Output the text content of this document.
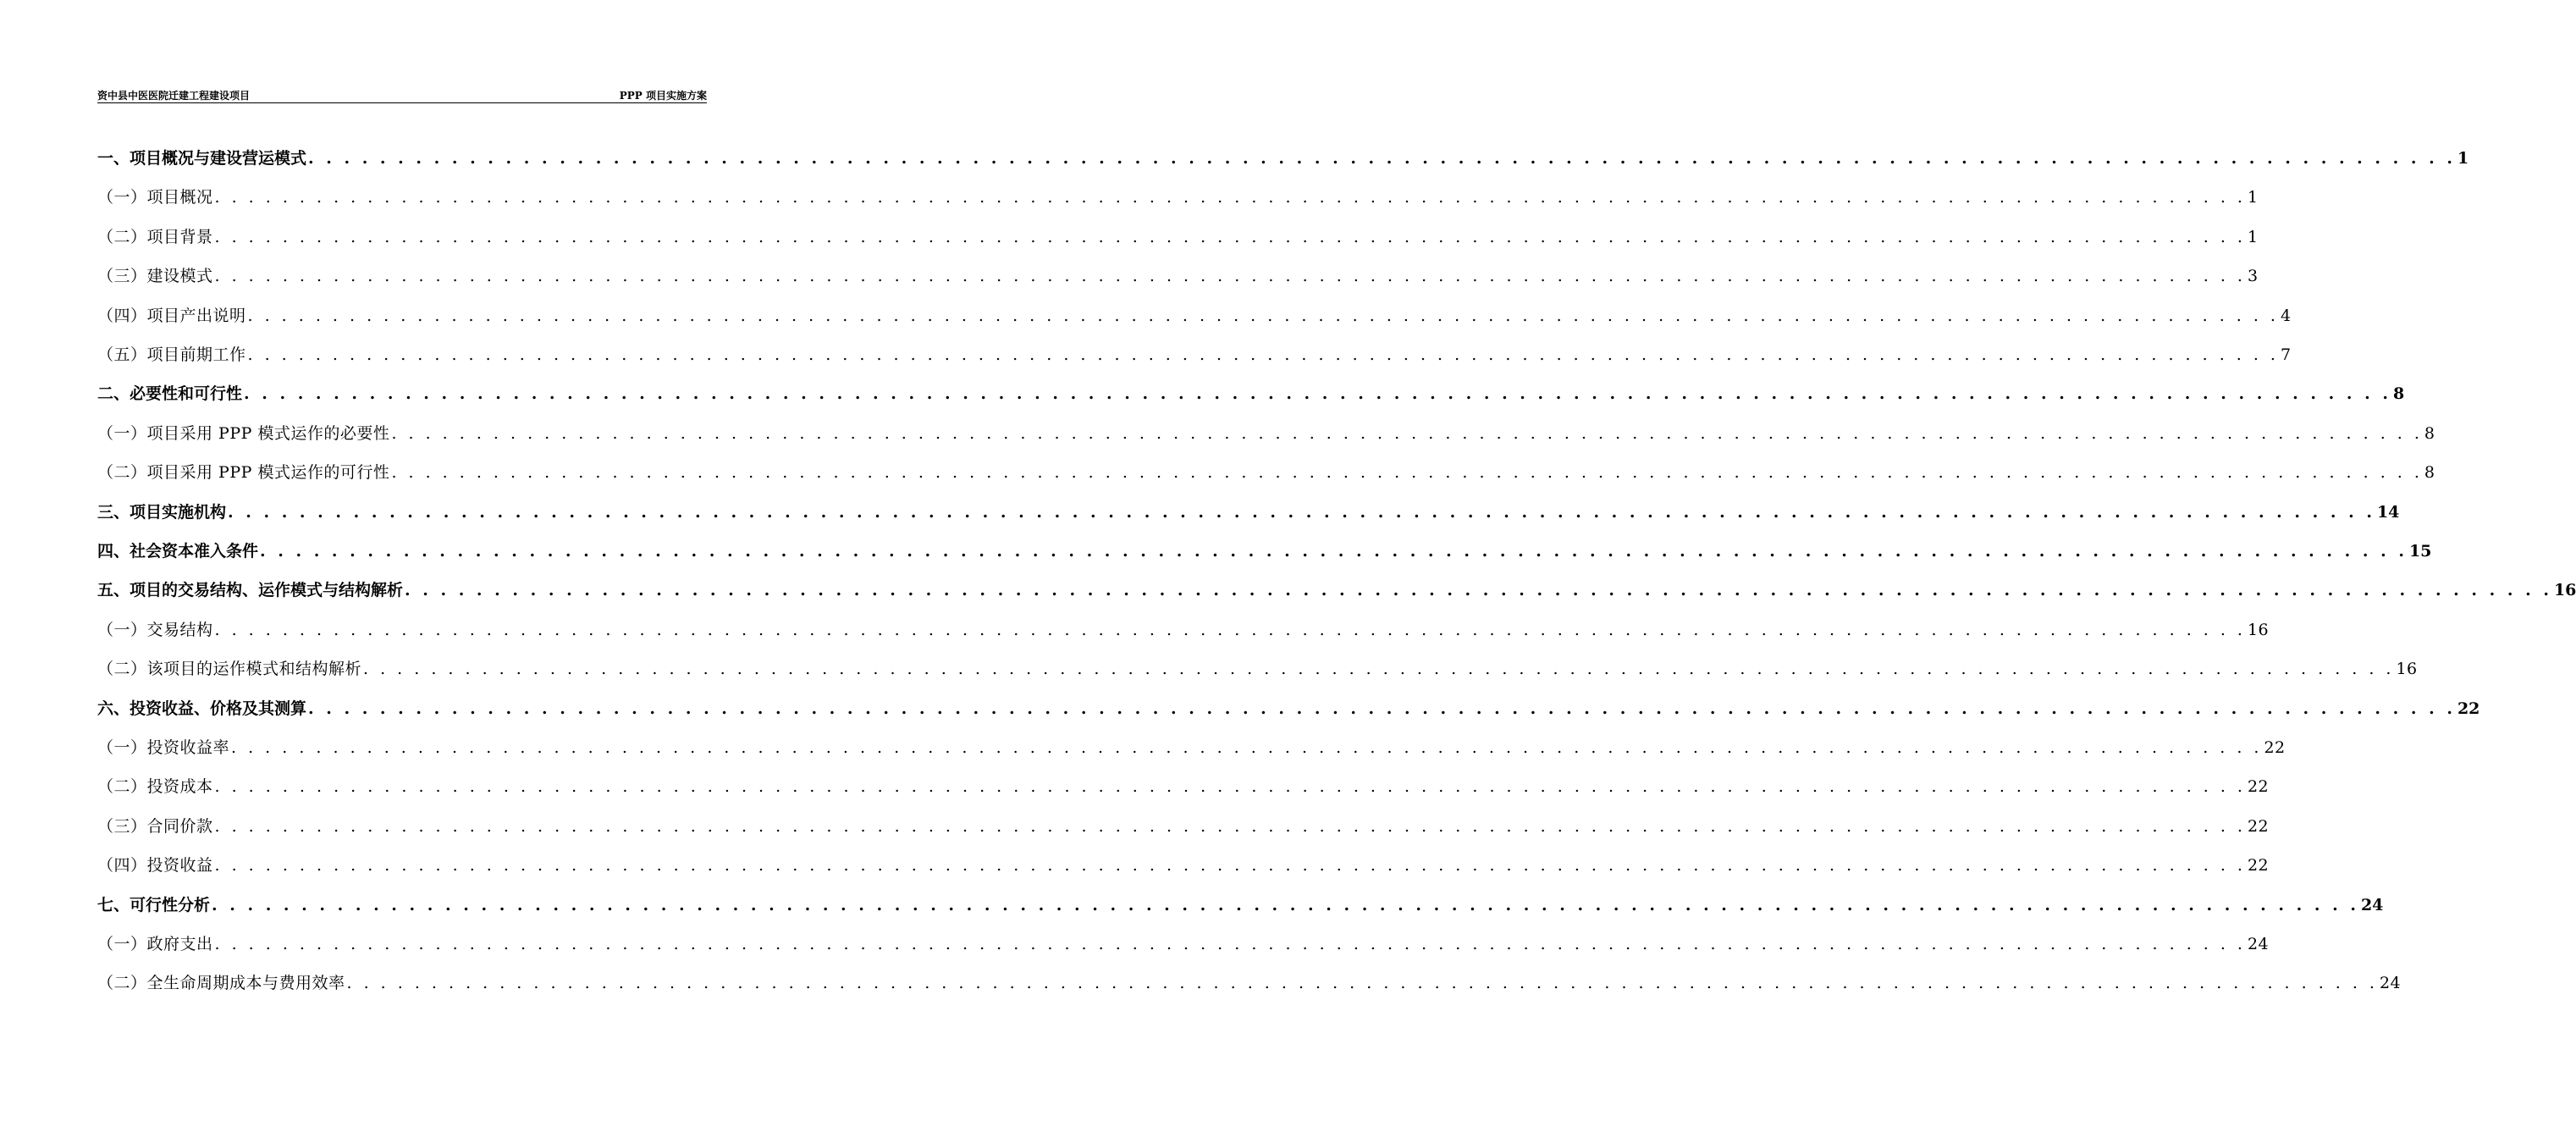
资中县中医医院迁建工程建设项目	PPP 项目实施方案
一、项目概况与建设营运模式 . . . . . . . . . . . . . . . . . . . . . . . . . . . . . . . . . . . . . . . . . . . . . . . . . . . . . . . . . . . . . . . . . . . . . . . . . . . . . . . . . . . . . . . . . . . . . . . . . . . . . . . . . . . . . . . . . . . . . . . . 1
（一）项目概况 . . . . . . . . . . . . . . . . . . . . . . . . . . . . . . . . . . . . . . . . . . . . . . . . . . . . . . . . . . . . . . . . . . . . . . . . . . . . . . . . . . . . . . . . . . . . . . . . . . . . . . . . . . . . . . . . . . . . . . . . 1
（二）项目背景 . . . . . . . . . . . . . . . . . . . . . . . . . . . . . . . . . . . . . . . . . . . . . . . . . . . . . . . . . . . . . . . . . . . . . . . . . . . . . . . . . . . . . . . . . . . . . . . . . . . . . . . . . . . . . . . . . . . . . . . . 1
（三）建设模式 . . . . . . . . . . . . . . . . . . . . . . . . . . . . . . . . . . . . . . . . . . . . . . . . . . . . . . . . . . . . . . . . . . . . . . . . . . . . . . . . . . . . . . . . . . . . . . . . . . . . . . . . . . . . . . . . . . . . . . . . 3
（四）项目产出说明 . . . . . . . . . . . . . . . . . . . . . . . . . . . . . . . . . . . . . . . . . . . . . . . . . . . . . . . . . . . . . . . . . . . . . . . . . . . . . . . . . . . . . . . . . . . . . . . . . . . . . . . . . . . . . . . . . . . . . . . . 4
（五）项目前期工作 . . . . . . . . . . . . . . . . . . . . . . . . . . . . . . . . . . . . . . . . . . . . . . . . . . . . . . . . . . . . . . . . . . . . . . . . . . . . . . . . . . . . . . . . . . . . . . . . . . . . . . . . . . . . . . . . . . . . . . . . 7
二、必要性和可行性 . . . . . . . . . . . . . . . . . . . . . . . . . . . . . . . . . . . . . . . . . . . . . . . . . . . . . . . . . . . . . . . . . . . . . . . . . . . . . . . . . . . . . . . . . . . . . . . . . . . . . . . . . . . . . . . . . . . . . . . . 8
（一）项目采用 PPP 模式运作的必要性 . . . . . . . . . . . . . . . . . . . . . . . . . . . . . . . . . . . . . . . . . . . . . . . . . . . . . . . . . . . . . . . . . . . . . . . . . . . . . . . . . . . . . . . . . . . . . . . . . . . . . . . . . . . . . . . . . . . . . . . . 8
（二）项目采用 PPP 模式运作的可行性 . . . . . . . . . . . . . . . . . . . . . . . . . . . . . . . . . . . . . . . . . . . . . . . . . . . . . . . . . . . . . . . . . . . . . . . . . . . . . . . . . . . . . . . . . . . . . . . . . . . . . . . . . . . . . . . . . . . . . . . . 8
三、项目实施机构 . . . . . . . . . . . . . . . . . . . . . . . . . . . . . . . . . . . . . . . . . . . . . . . . . . . . . . . . . . . . . . . . . . . . . . . . . . . . . . . . . . . . . . . . . . . . . . . . . . . . . . . . . . . . . . . . . . . . . . . . 14
四、社会资本准入条件 . . . . . . . . . . . . . . . . . . . . . . . . . . . . . . . . . . . . . . . . . . . . . . . . . . . . . . . . . . . . . . . . . . . . . . . . . . . . . . . . . . . . . . . . . . . . . . . . . . . . . . . . . . . . . . . . . . . . . . . . 15
五、项目的交易结构、运作模式与结构解析 . . . . . . . . . . . . . . . . . . . . . . . . . . . . . . . . . . . . . . . . . . . . . . . . . . . . . . . . . . . . . . . . . . . . . . . . . . . . . . . . . . . . . . . . . . . . . . . . . . . . . . . . . . . . . . . . . . . . . . . . 16
（一）交易结构 . . . . . . . . . . . . . . . . . . . . . . . . . . . . . . . . . . . . . . . . . . . . . . . . . . . . . . . . . . . . . . . . . . . . . . . . . . . . . . . . . . . . . . . . . . . . . . . . . . . . . . . . . . . . . . . . . . . . . . . . 16
（二）该项目的运作模式和结构解析 . . . . . . . . . . . . . . . . . . . . . . . . . . . . . . . . . . . . . . . . . . . . . . . . . . . . . . . . . . . . . . . . . . . . . . . . . . . . . . . . . . . . . . . . . . . . . . . . . . . . . . . . . . . . . . . . . . . . . . . . 16
六、投资收益、价格及其测算 . . . . . . . . . . . . . . . . . . . . . . . . . . . . . . . . . . . . . . . . . . . . . . . . . . . . . . . . . . . . . . . . . . . . . . . . . . . . . . . . . . . . . . . . . . . . . . . . . . . . . . . . . . . . . . . . . . . . . . . . 22
（一）投资收益率 . . . . . . . . . . . . . . . . . . . . . . . . . . . . . . . . . . . . . . . . . . . . . . . . . . . . . . . . . . . . . . . . . . . . . . . . . . . . . . . . . . . . . . . . . . . . . . . . . . . . . . . . . . . . . . . . . . . . . . . . 22
（二）投资成本 . . . . . . . . . . . . . . . . . . . . . . . . . . . . . . . . . . . . . . . . . . . . . . . . . . . . . . . . . . . . . . . . . . . . . . . . . . . . . . . . . . . . . . . . . . . . . . . . . . . . . . . . . . . . . . . . . . . . . . . . 22
（三）合同价款 . . . . . . . . . . . . . . . . . . . . . . . . . . . . . . . . . . . . . . . . . . . . . . . . . . . . . . . . . . . . . . . . . . . . . . . . . . . . . . . . . . . . . . . . . . . . . . . . . . . . . . . . . . . . . . . . . . . . . . . . 22
（四）投资收益 . . . . . . . . . . . . . . . . . . . . . . . . . . . . . . . . . . . . . . . . . . . . . . . . . . . . . . . . . . . . . . . . . . . . . . . . . . . . . . . . . . . . . . . . . . . . . . . . . . . . . . . . . . . . . . . . . . . . . . . . 22
七、可行性分析 . . . . . . . . . . . . . . . . . . . . . . . . . . . . . . . . . . . . . . . . . . . . . . . . . . . . . . . . . . . . . . . . . . . . . . . . . . . . . . . . . . . . . . . . . . . . . . . . . . . . . . . . . . . . . . . . . . . . . . . . 24
（一）政府支出 . . . . . . . . . . . . . . . . . . . . . . . . . . . . . . . . . . . . . . . . . . . . . . . . . . . . . . . . . . . . . . . . . . . . . . . . . . . . . . . . . . . . . . . . . . . . . . . . . . . . . . . . . . . . . . . . . . . . . . . . 24
（二）全生命周期成本与费用效率 . . . . . . . . . . . . . . . . . . . . . . . . . . . . . . . . . . . . . . . . . . . . . . . . . . . . . . . . . . . . . . . . . . . . . . . . . . . . . . . . . . . . . . . . . . . . . . . . . . . . . . . . . . . . . . . . . . . . . . . . 24
